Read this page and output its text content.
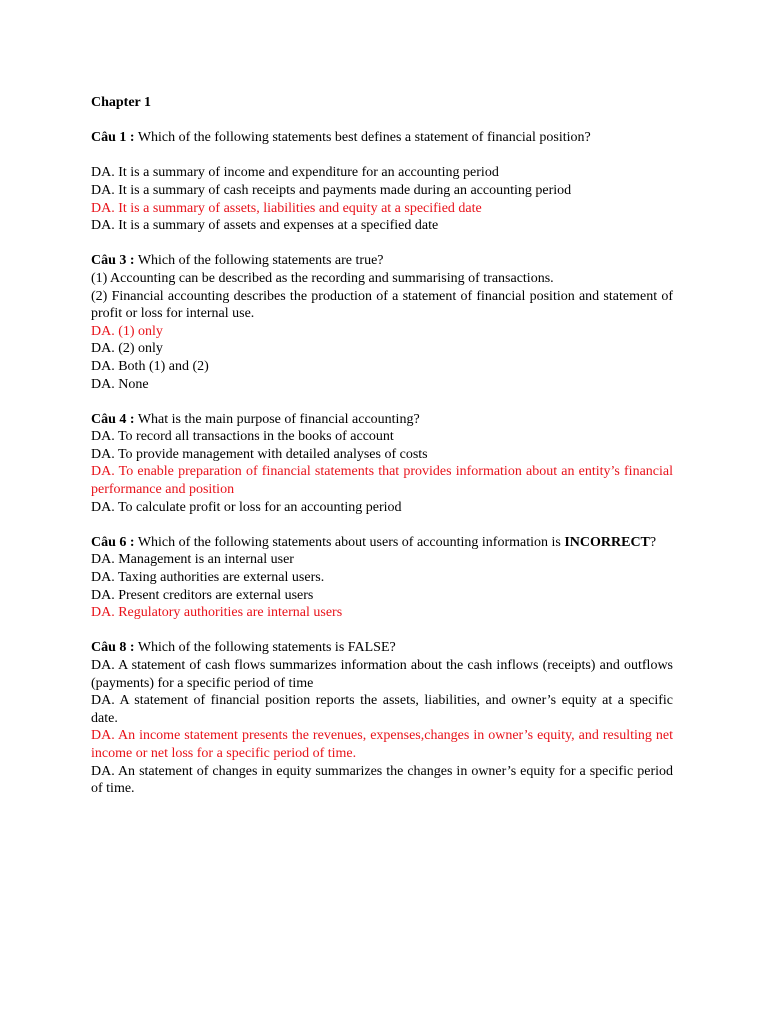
Chapter 1

Câu 1 : Which of the following statements best defines a statement of financial position?

DA. It is a summary of income and expenditure for an accounting period

DA. It is a summary of cash receipts and payments made during an accounting period

DA. It is a summary of assets, liabilities and equity at a specified date

DA. It is a summary of assets and expenses at a specified date

Câu 3 : Which of the following statements are true?

(1) Accounting can be described as the recording and summarising of transactions.

(2) Financial accounting describes the production of a statement of financial position and statement of profit or loss for internal use.

DA. (1) only

DA. (2) only

DA. Both (1) and (2)

DA. None

Câu 4 : What is the main purpose of financial accounting?

DA. To record all transactions in the books of account

DA. To provide management with detailed analyses of costs

DA. To enable preparation of financial statements that provides information about an entity’s financial performance and position

DA. To calculate profit or loss for an accounting period

Câu 6 : Which of the following statements about users of accounting information is INCORRECT?

DA. Management is an internal user

DA. Taxing authorities are external users.

DA. Present creditors are external users

DA. Regulatory authorities are internal users

Câu 8 : Which of the following statements is FALSE?

DA. A statement of cash flows summarizes information about the cash inflows (receipts) and outflows (payments) for a specific period of time

DA. A statement of financial position reports the assets, liabilities, and owner’s equity at a specific date.

DA. An income statement presents the revenues, expenses,changes in owner’s equity, and resulting net income or net loss for a specific period of time.

DA. An statement of changes in equity summarizes the changes in owner’s equity for a specific period of time.
